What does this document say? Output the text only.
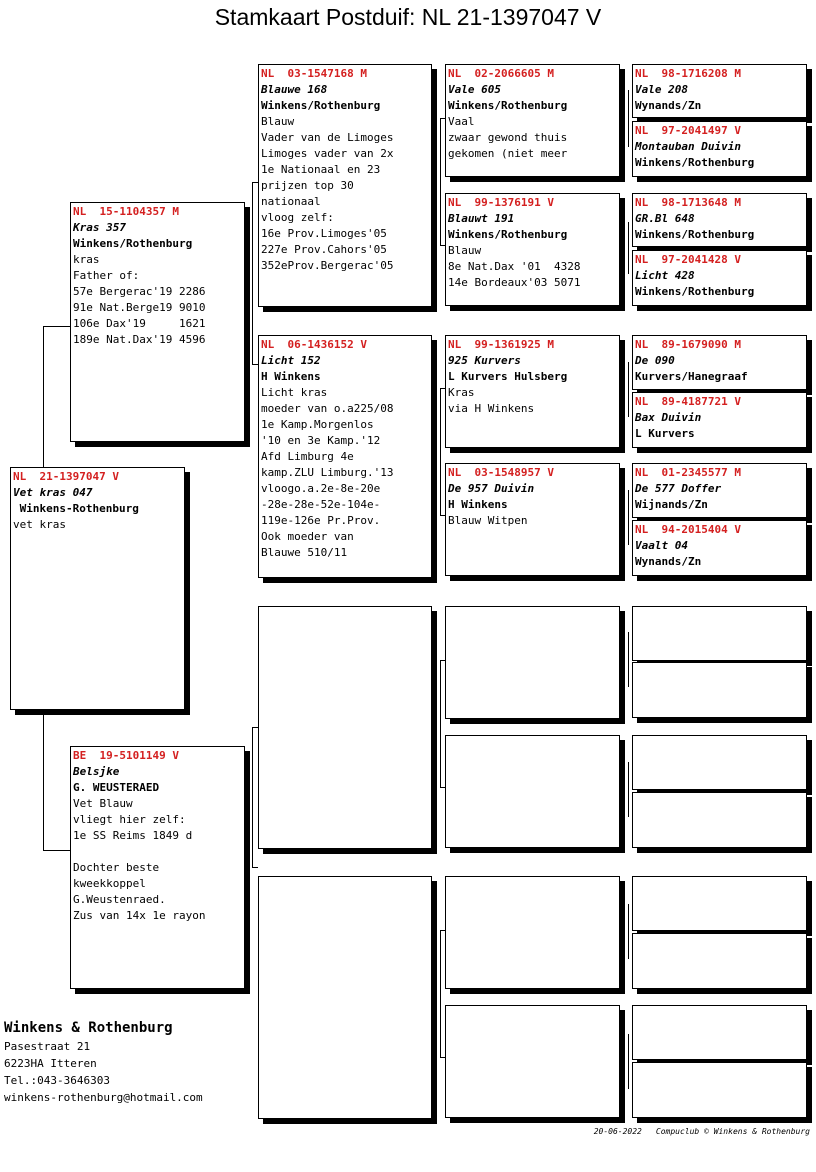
Stamkaart Postduif: NL 21-1397047 V
NL  21-1397047 V
Vet kras 047
Winkens-Rothenburg
vet kras
NL  15-1104357 M
Kras 357
Winkens/Rothenburg
kras
Father of:
57e Bergerac'19 2286
91e Nat.Berge19 9010
106e Dax'19     1621
189e Nat.Dax'19 4596
BE  19-5101149 V
Belsjke
G. WEUSTERAED
Vet Blauw
vliegt hier zelf:
1e SS Reims 1849 d
Dochter beste
kweekkoppel
G.Weustenraed.
Zus van 14x 1e rayon
NL  03-1547168 M
Blauwe 168
Winkens/Rothenburg
Blauw
Vader van de Limoges
Limoges vader van 2x
1e Nationaal en 23
prijzen top 30
nationaal
vloog zelf:
16e Prov.Limoges'05
227e Prov.Cahors'05
352eProv.Bergerac'05
NL  06-1436152 V
Licht 152
H Winkens
Licht kras
moeder van o.a225/08
1e Kamp.Morgenlos
'10 en 3e Kamp.'12
Afd Limburg 4e
kamp.ZLU Limburg.'13
vloogo.a.2e-8e-20e
-28e-28e-52e-104e-
119e-126e Pr.Prov.
Ook moeder van
Blauwe 510/11
NL  02-2066605 M
Vale 605
Winkens/Rothenburg
Vaal
zwaar gewond thuis
gekomen (niet meer
NL  99-1376191 V
Blauwt 191
Winkens/Rothenburg
Blauw
8e Nat.Dax '01  4328
14e Bordeaux'03 5071
NL  99-1361925 M
925 Kurvers
L Kurvers Hulsberg
Kras
via H Winkens
NL  03-1548957 V
De 957 Duivin
H Winkens
Blauw Witpen
NL  98-1716208 M
Vale 208
Wynands/Zn
NL  97-2041497 V
Montauban Duivin
Winkens/Rothenburg
NL  98-1713648 M
GR.Bl 648
Winkens/Rothenburg
NL  97-2041428 V
Licht 428
Winkens/Rothenburg
NL  89-1679090 M
De 090
Kurvers/Hanegraaf
NL  89-4187721 V
Bax Duivin
L Kurvers
NL  01-2345577 M
De 577 Doffer
Wijnands/Zn
NL  94-2015404 V
Vaalt 04
Wynands/Zn
Winkens & Rothenburg
Pasestraat 21
6223HA Itteren
Tel.:043-3646303
winkens-rothenburg@hotmail.com
20-06-2022 Compuclub © Winkens & Rothenburg
